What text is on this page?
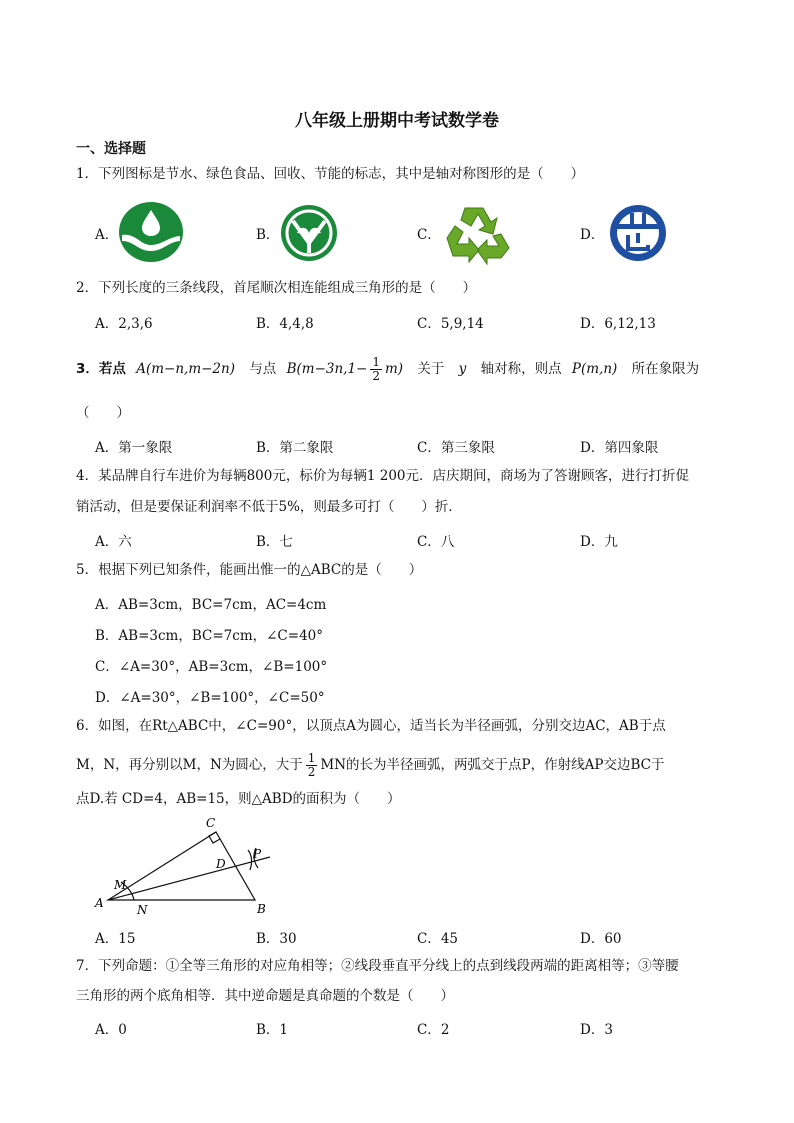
八年级上册期中考试数学卷
一、选择题
1．下列图标是节水、绿色食品、回收、节能的标志，其中是轴对称图形的是（　　）
A．	B．	C．	D．
2．下列长度的三条线段，首尾顺次相连能组成三角形的是（　　）
A．2,3,6	B．4,4,8	C．5,9,14	D．6,12,13
3．若点 A(m−n,m−2n) 与点 $B(m-3n,1- \frac{1}{2} m)$ 关于 y 轴对称，则点 P(m,n) 所在象限为
（　　）
A．第一象限	B．第二象限	C．第三象限	D．第四象限
4．某品牌自行车进价为每辆800元，标价为每辆1 200元．店庆期间，商场为了答谢顾客，进行打折促
销活动，但是要保证利润率不低于5%，则最多可打（　　）折．
A．六	B．七	C．八	D．九
5．根据下列已知条件，能画出惟一的△ABC的是（　　）
A．AB=3cm，BC=7cm，AC=4cm
B．AB=3cm，BC=7cm，∠C=40°
C．∠A=30°，AB=3cm，∠B=100°
D．∠A=30°，∠B=100°，∠C=50°
6．如图，在Rt△ABC中，∠C=90°，以顶点A为圆心，适当长为半径画弧，分别交边AC，AB于点
M，N，再分别以M，N为圆心，大于 $\frac{1}{2}$ MN的长为半径画弧，两弧交于点P，作射线AP交边BC于
点D.若 CD=4，AB=15，则△ABD的面积为（　　）
A	B
C
D
M
N
P
A．15	B．30	C．45	D．60
7．下列命题：①全等三角形的对应角相等；②线段垂直平分线上的点到线段两端的距离相等；③等腰
三角形的两个底角相等．其中逆命题是真命题的个数是（　　）
A．0	B．1	C．2	D．3
